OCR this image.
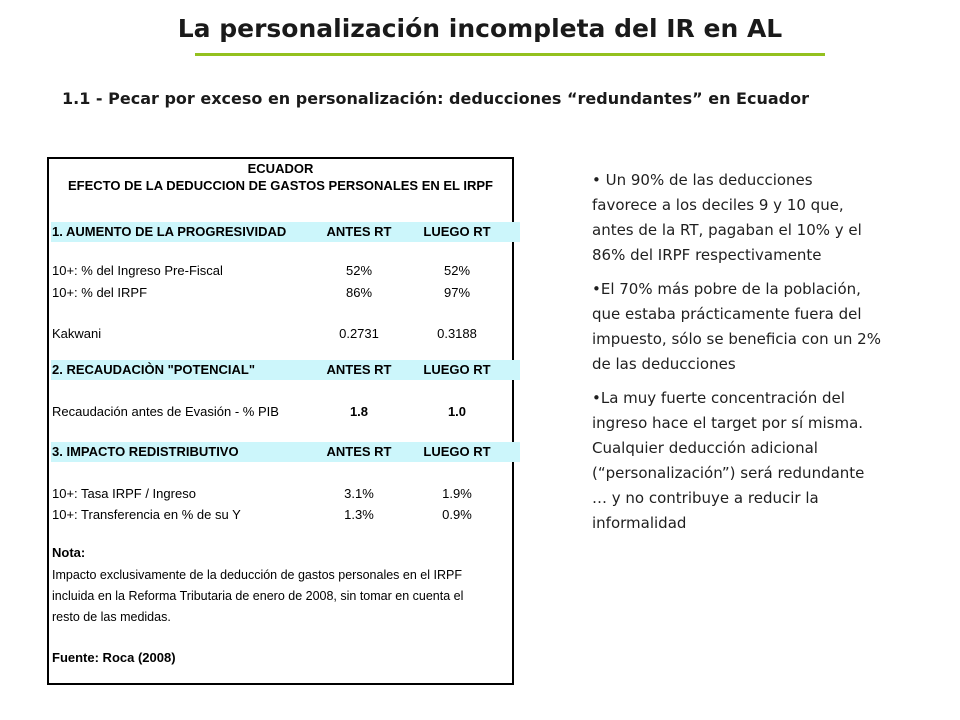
La personalización incompleta del IR en AL
1.1 - Pecar por exceso en personalización: deducciones “redundantes” en Ecuador
ECUADOR
EFECTO DE LA DEDUCCION DE GASTOS PERSONALES EN EL IRPF
1. AUMENTO DE LA PROGRESIVIDAD	ANTES RT	LUEGO RT
10+: % del Ingreso Pre-Fiscal	52%	52%
10+: % del IRPF	86%	97%
Kakwani	0.2731	0.3188
2. RECAUDACIÒN "POTENCIAL"	ANTES RT	LUEGO RT
Recaudación antes de Evasión - % PIB	1.8	1.0
3. IMPACTO REDISTRIBUTIVO	ANTES RT	LUEGO RT
10+: Tasa IRPF / Ingreso	3.1%	1.9%
10+: Transferencia en % de su Y	1.3%	0.9%
Nota:
Impacto exclusivamente de la deducción de gastos personales en el IRPF
incluida en la Reforma Tributaria de enero de 2008, sin tomar en cuenta el
resto de las medidas.
Fuente: Roca (2008)

• Un 90% de las deducciones favorece a los deciles 9 y 10 que, antes de la RT, pagaban el 10% y el 86% del IRPF respectivamente

•El 70% más pobre de la población, que estaba prácticamente fuera del impuesto, sólo se beneficia con un 2% de las deducciones

•La muy fuerte concentración del ingreso hace el target por sí misma. Cualquier deducción adicional (“personalización”) será redundante … y no contribuye a reducir la informalidad
